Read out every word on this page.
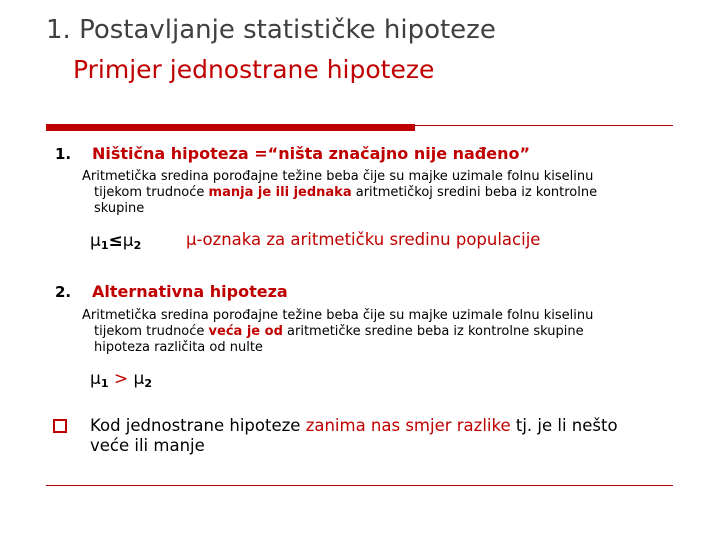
1. Postavljanje statističke hipoteze
Primjer jednostrane hipoteze
1. Ništična hipoteza =“ništa značajno nije nađeno”
Aritmetička sredina porođajne težine beba čije su majke uzimale folnu kiselinu
tijekom trudnoće manja je ili jednaka aritmetičkoj sredini beba iz kontrolne
skupine
$\mu_1\le\mu_2$	μ-oznaka za aritmetičku sredinu populacije
2. Alternativna hipoteza
Aritmetička sredina porođajne težine beba čije su majke uzimale folnu kiselinu
tijekom trudnoće veća je od aritmetičke sredine beba iz kontrolne skupine
hipoteza različita od nulte
$\mu_1 > \mu_2$
Kod jednostrane hipoteze zanima nas smjer razlike tj. je li nešto
veće ili manje
